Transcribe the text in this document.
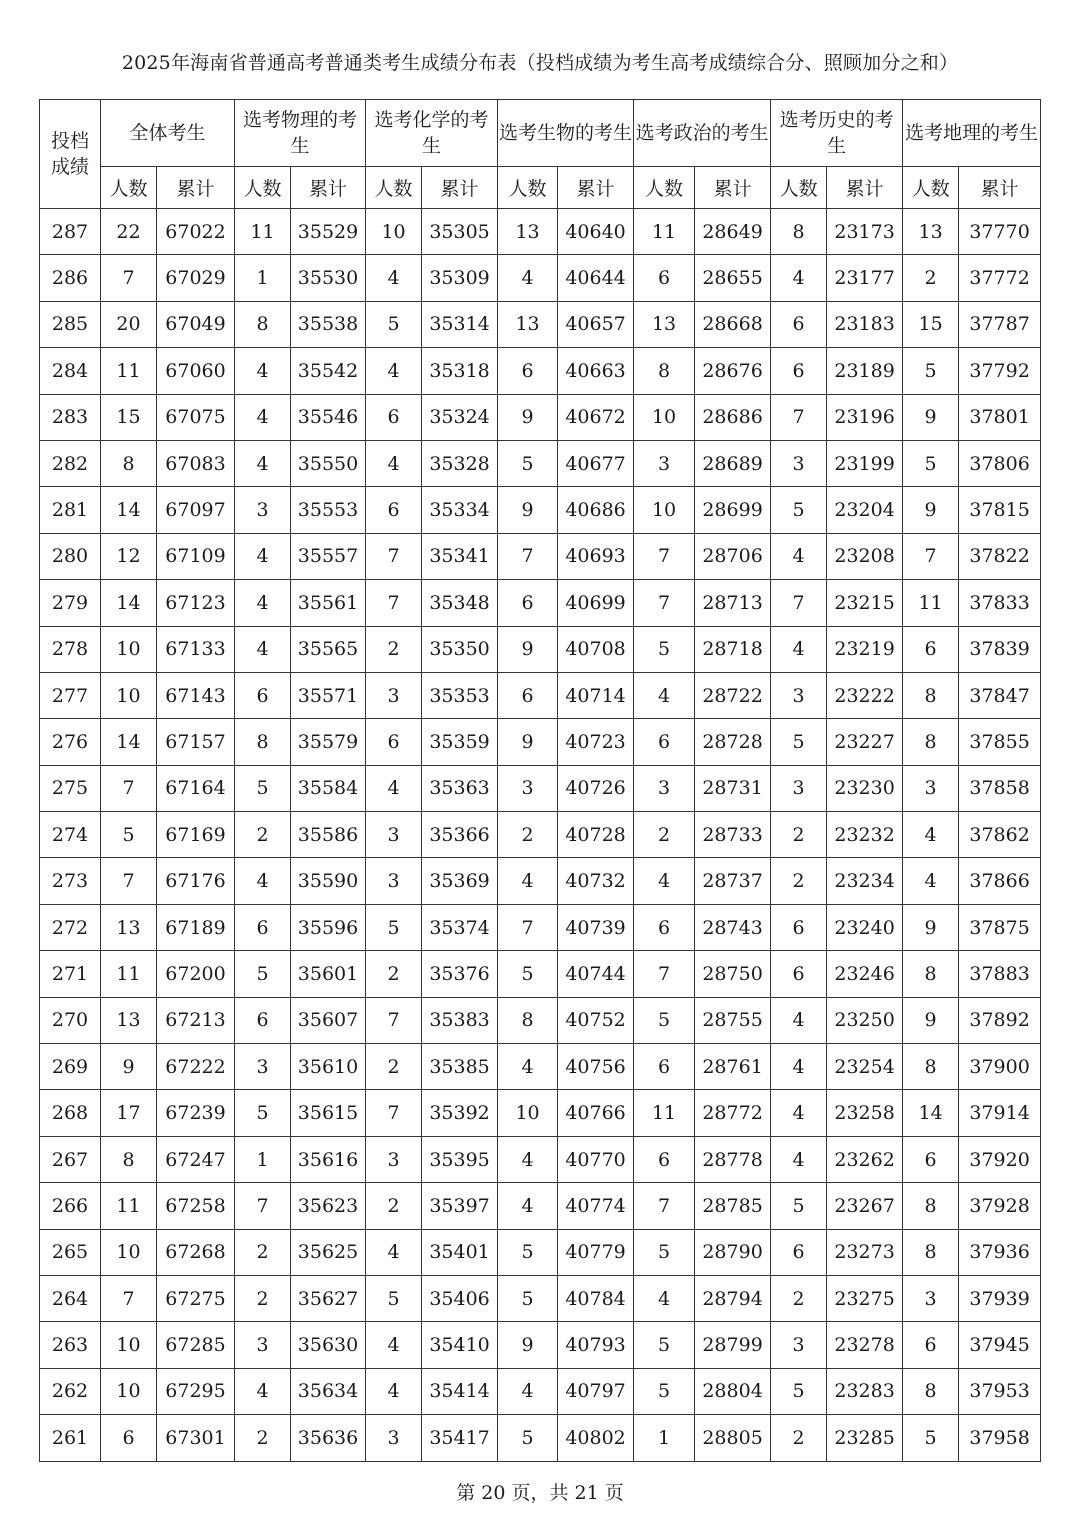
2025年海南省普通高考普通类考生成绩分布表（投档成绩为考生高考成绩综合分、照顾加分之和）
投档
成绩	全体考生		选考物理的考生		选考化学的考生		选考生物的考生		选考政治的考生		选考历史的考生		选考地理的考生	
	人数	累计	人数	累计	人数	累计	人数	累计	人数	累计	人数	累计	人数	累计
287	22	67022	11	35529	10	35305	13	40640	11	28649	8	23173	13	37770
286	7	67029	1	35530	4	35309	4	40644	6	28655	4	23177	2	37772
285	20	67049	8	35538	5	35314	13	40657	13	28668	6	23183	15	37787
284	11	67060	4	35542	4	35318	6	40663	8	28676	6	23189	5	37792
283	15	67075	4	35546	6	35324	9	40672	10	28686	7	23196	9	37801
282	8	67083	4	35550	4	35328	5	40677	3	28689	3	23199	5	37806
281	14	67097	3	35553	6	35334	9	40686	10	28699	5	23204	9	37815
280	12	67109	4	35557	7	35341	7	40693	7	28706	4	23208	7	37822
279	14	67123	4	35561	7	35348	6	40699	7	28713	7	23215	11	37833
278	10	67133	4	35565	2	35350	9	40708	5	28718	4	23219	6	37839
277	10	67143	6	35571	3	35353	6	40714	4	28722	3	23222	8	37847
276	14	67157	8	35579	6	35359	9	40723	6	28728	5	23227	8	37855
275	7	67164	5	35584	4	35363	3	40726	3	28731	3	23230	3	37858
274	5	67169	2	35586	3	35366	2	40728	2	28733	2	23232	4	37862
273	7	67176	4	35590	3	35369	4	40732	4	28737	2	23234	4	37866
272	13	67189	6	35596	5	35374	7	40739	6	28743	6	23240	9	37875
271	11	67200	5	35601	2	35376	5	40744	7	28750	6	23246	8	37883
270	13	67213	6	35607	7	35383	8	40752	5	28755	4	23250	9	37892
269	9	67222	3	35610	2	35385	4	40756	6	28761	4	23254	8	37900
268	17	67239	5	35615	7	35392	10	40766	11	28772	4	23258	14	37914
267	8	67247	1	35616	3	35395	4	40770	6	28778	4	23262	6	37920
266	11	67258	7	35623	2	35397	4	40774	7	28785	5	23267	8	37928
265	10	67268	2	35625	4	35401	5	40779	5	28790	6	23273	8	37936
264	7	67275	2	35627	5	35406	5	40784	4	28794	2	23275	3	37939
263	10	67285	3	35630	4	35410	9	40793	5	28799	3	23278	6	37945
262	10	67295	4	35634	4	35414	4	40797	5	28804	5	23283	8	37953
261	6	67301	2	35636	3	35417	5	40802	1	28805	2	23285	5	37958
第 20 页，共 21 页
